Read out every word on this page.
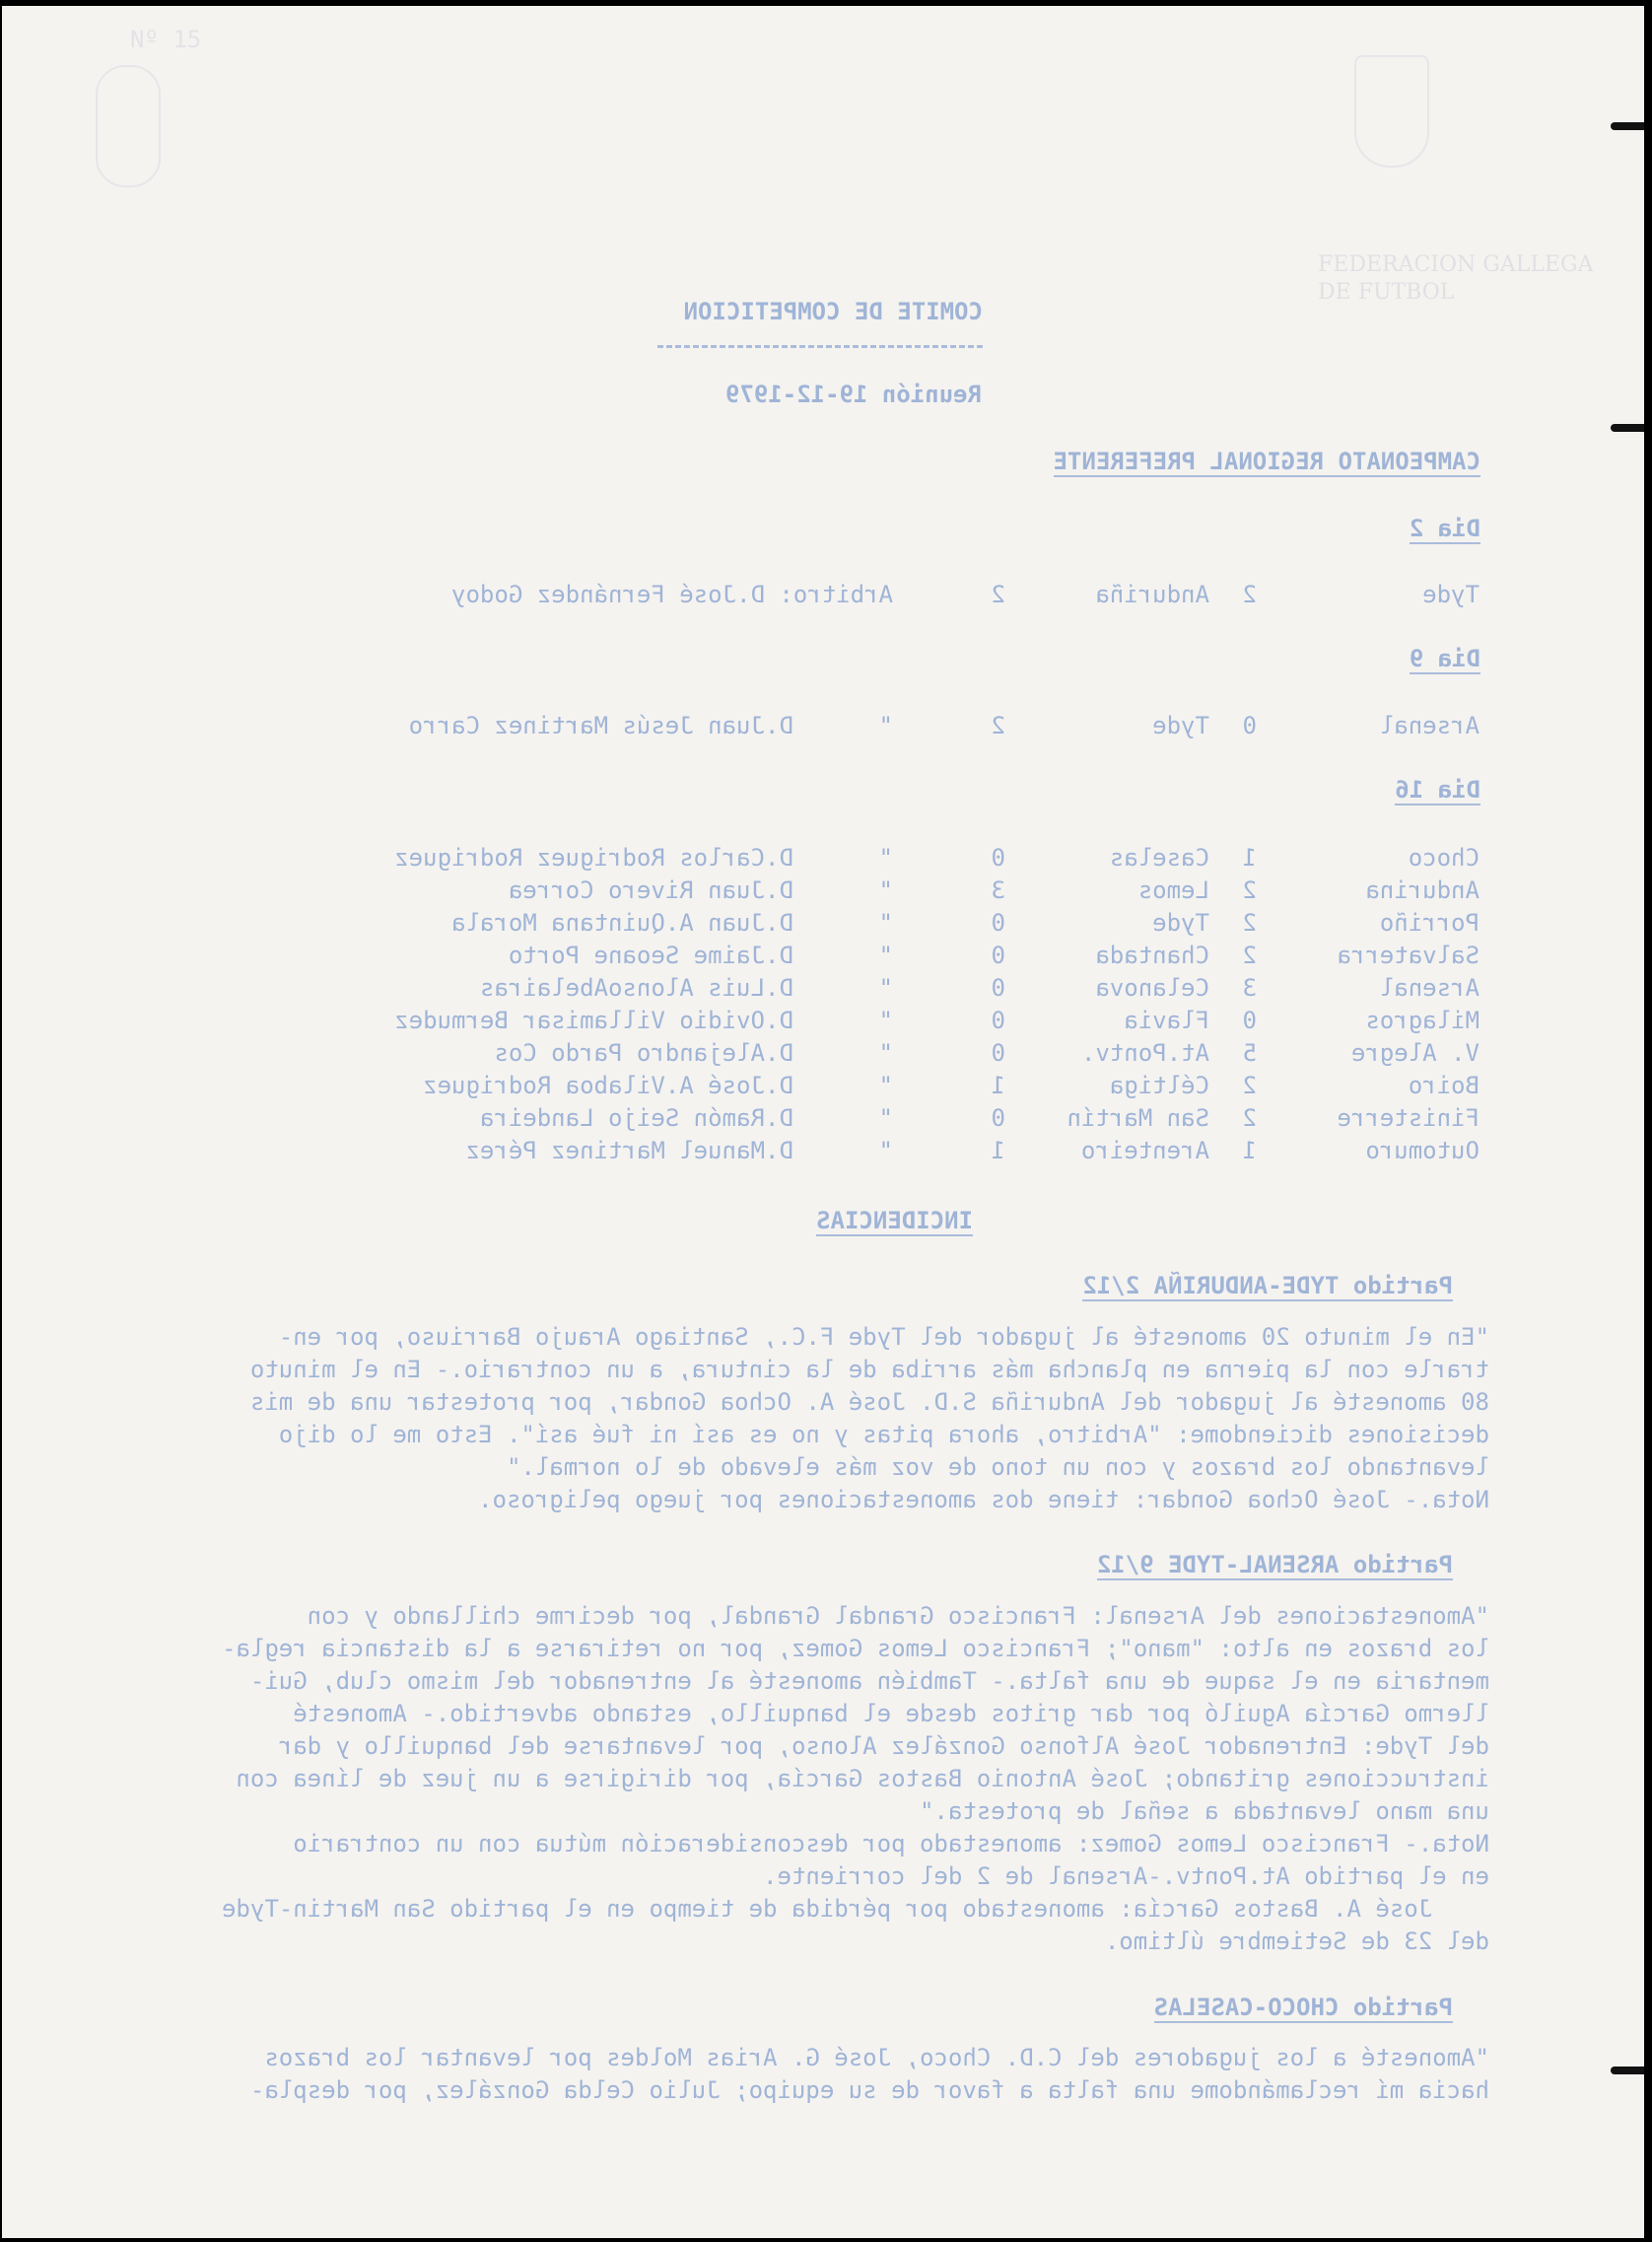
Nº 15
FEDERACION GALLEGA
DE FUTBOL
COMITE DE COMPETICION
Reunión 19-12-1979
CAMPEONATO REGIONAL PREFERENTE
Dia 2
Tyde
2
Anduriña
2
Arbitro: D.José Fernández Godoy
Dia 9
Arsenal
0
Tyde
2
"      D.Juan Jesús Martinez Carro
Dia 16
Choco
1
Caselas
0
"      D.Carlos Rodriguez Rodriguez
Andurina
2
Lemos
3
"      D.Juan Rivero Correa
Porriño
2
Tyde
0
"      D.Juan A.Quintana Morala
Salvaterra
2
Chantada
0
"      D.Jaime Seoane Porto
Arsenal
3
Celanova
0
"      D.Luis AlonsoAbelairas
Milagros
0
Flavia
0
"      D.Ovidio Villamisar Bermudez
V. Alegre
5
At.Pontv.
0
"      D.Alejandro Pardo Cos
Boiro
2
Céltiga
1
"      D.José A.Vilaboa Rodriguez
Finisterre
2
San Martín
0
"      D.Ramón Seijo Landeira
Outomuro
1
Arenteiro
1
"      D.Manuel Martinez Pérez
INCIDENCIAS
Partido TYDE-ANDURIÑA 2/12
"En el minuto 20 amonesté al jugador del Tyde F.C., Santiago Araujo Barriuso, por en-
trarle con la pierna en plancha más arriba de la cintura, a un contrario.- En el minuto
80 amonesté al jugador del Anduriña S.D. José A. Ochoa Gondar, por protestar una de mis
decisiones diciendome: "Arbitro, ahora pitas y no es así ni fué así". Esto me lo dijo
levantando los brazos y con un tono de voz más elevado de lo normal."
Nota.- José Ochoa Gondar: tiene dos amonestaciones por juego peligroso.
Partido ARSENAL-TYDE 9/12
"Amonestaciones del Arsenal: Francisco Grandal Grandal, por decirme chillando y con
los brazos en alto: "mano"; Francisco Lemos Gomez, por no retirarse a la distancia regla-
mentaria en el saque de una falta.- También amonesté al entrenador del mismo club, Gui-
llermo García Aguiló por dar gritos desde el banquillo, estando advertido.- Amonesté
del Tyde: Entrenador José Alfonso González Alonso, por levantarse del banquillo y dar
instrucciones gritando; José Antonio Bastos García, por dirigirse a un juez de línea con
una mano levantada a señal de protesta."
Nota.- Francisco Lemos Gomez: amonestado por desconsideración mútua con un contrario
en el partido At.Pontv.-Arsenal de 2 del corriente.
José A. Bastos García: amonestado por pérdida de tiempo en el partido San Martin-Tyde
del 23 de Setiembre último.
Partido CHOCO-CASELAS
"Amonesté a los jugadores del C.D. Choco, José G. Arias Moldes por levantar los brazos
hacia mí reclamándome una falta a favor de su equipo; Julio Celda González, por despla-
